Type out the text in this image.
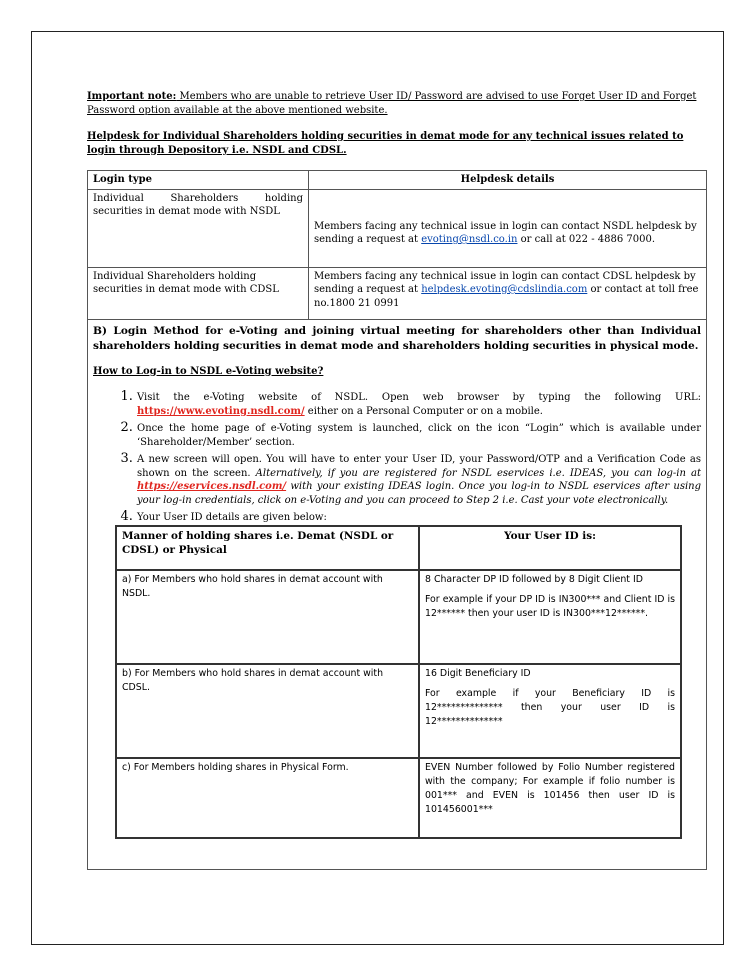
Important note: Members who are unable to retrieve User ID/ Password are advised to use Forget User ID and Forget Password option available at the above mentioned website.

Helpdesk for Individual Shareholders holding securities in demat mode for any technical issues related to login through Depository i.e. NSDL and CDSL.

Login type	Helpdesk details
Individual Shareholders holding securities in demat mode with NSDL	Members facing any technical issue in login can contact NSDL helpdesk by sending a request at evoting@nsdl.co.in or call at 022 - 4886 7000.
Individual Shareholders holding securities in demat mode with CDSL	Members facing any technical issue in login can contact CDSL helpdesk by sending a request at helpdesk.evoting@cdslindia.com or contact at toll free no.1800 21 0991

B) Login Method for e-Voting and joining virtual meeting for shareholders other than Individual shareholders holding securities in demat mode and shareholders holding securities in physical mode.

How to Log-in to NSDL e-Voting website?

1. Visit the e-Voting website of NSDL. Open web browser by typing the following URL: https://www.evoting.nsdl.com/ either on a Personal Computer or on a mobile.
2. Once the home page of e-Voting system is launched, click on the icon “Login” which is available under ‘Shareholder/Member’ section.
3. A new screen will open. You will have to enter your User ID, your Password/OTP and a Verification Code as shown on the screen. Alternatively, if you are registered for NSDL eservices i.e. IDEAS, you can log-in at https://eservices.nsdl.com/ with your existing IDEAS login. Once you log-in to NSDL eservices after using your log-in credentials, click on e-Voting and you can proceed to Step 2 i.e. Cast your vote electronically.
4. Your User ID details are given below:
Manner of holding shares i.e. Demat (NSDL or CDSL) or Physical	Your User ID is:
a) For Members who hold shares in demat account with NSDL.	8 Character DP ID followed by 8 Digit Client ID
For example if your DP ID is IN300*** and Client ID is 12****** then your user ID is IN300***12******.

b) For Members who hold shares in demat account with CDSL.	16 Digit Beneficiary ID
For example if your Beneficiary ID is 12************** then your user ID is 12**************

c) For Members holding shares in Physical Form.	EVEN Number followed by Folio Number registered with the company; For example if folio number is 001*** and EVEN is 101456 then user ID is 101456001***
